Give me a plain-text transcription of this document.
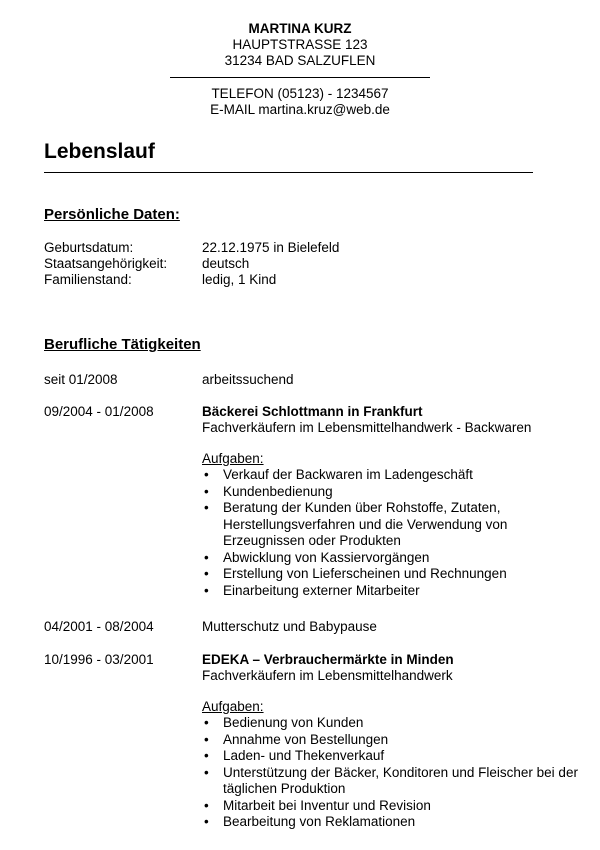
MARTINA KURZ
HAUPTSTRASSE 123
31234 BAD SALZUFLEN
TELEFON (05123) - 1234567
E-MAIL martina.kruz@web.de
Lebenslauf
Persönliche Daten:
Geburtsdatum:	22.12.1975 in Bielefeld
Staatsangehörigkeit:	deutsch
Familienstand:	ledig, 1 Kind
Berufliche Tätigkeiten
seit 01/2008	arbeitssuchend
09/2004 - 01/2008	Bäckerei Schlottmann in Frankfurt
Fachverkäufern im Lebensmittelhandwerk - Backwaren
Aufgaben:
• Verkauf der Backwaren im Ladengeschäft
• Kundenbedienung
• Beratung der Kunden über Rohstoffe, Zutaten, Herstellungsverfahren und die Verwendung von Erzeugnissen oder Produkten
• Abwicklung von Kassiervorgängen
• Erstellung von Lieferscheinen und Rechnungen
• Einarbeitung externer Mitarbeiter
04/2001 - 08/2004	Mutterschutz und Babypause
10/1996 - 03/2001	EDEKA – Verbrauchermärkte in Minden
Fachverkäufern im Lebensmittelhandwerk
Aufgaben:
• Bedienung von Kunden
• Annahme von Bestellungen
• Laden- und Thekenverkauf
• Unterstützung der Bäcker, Konditoren und Fleischer bei der täglichen Produktion
• Mitarbeit bei Inventur und Revision
• Bearbeitung von Reklamationen
